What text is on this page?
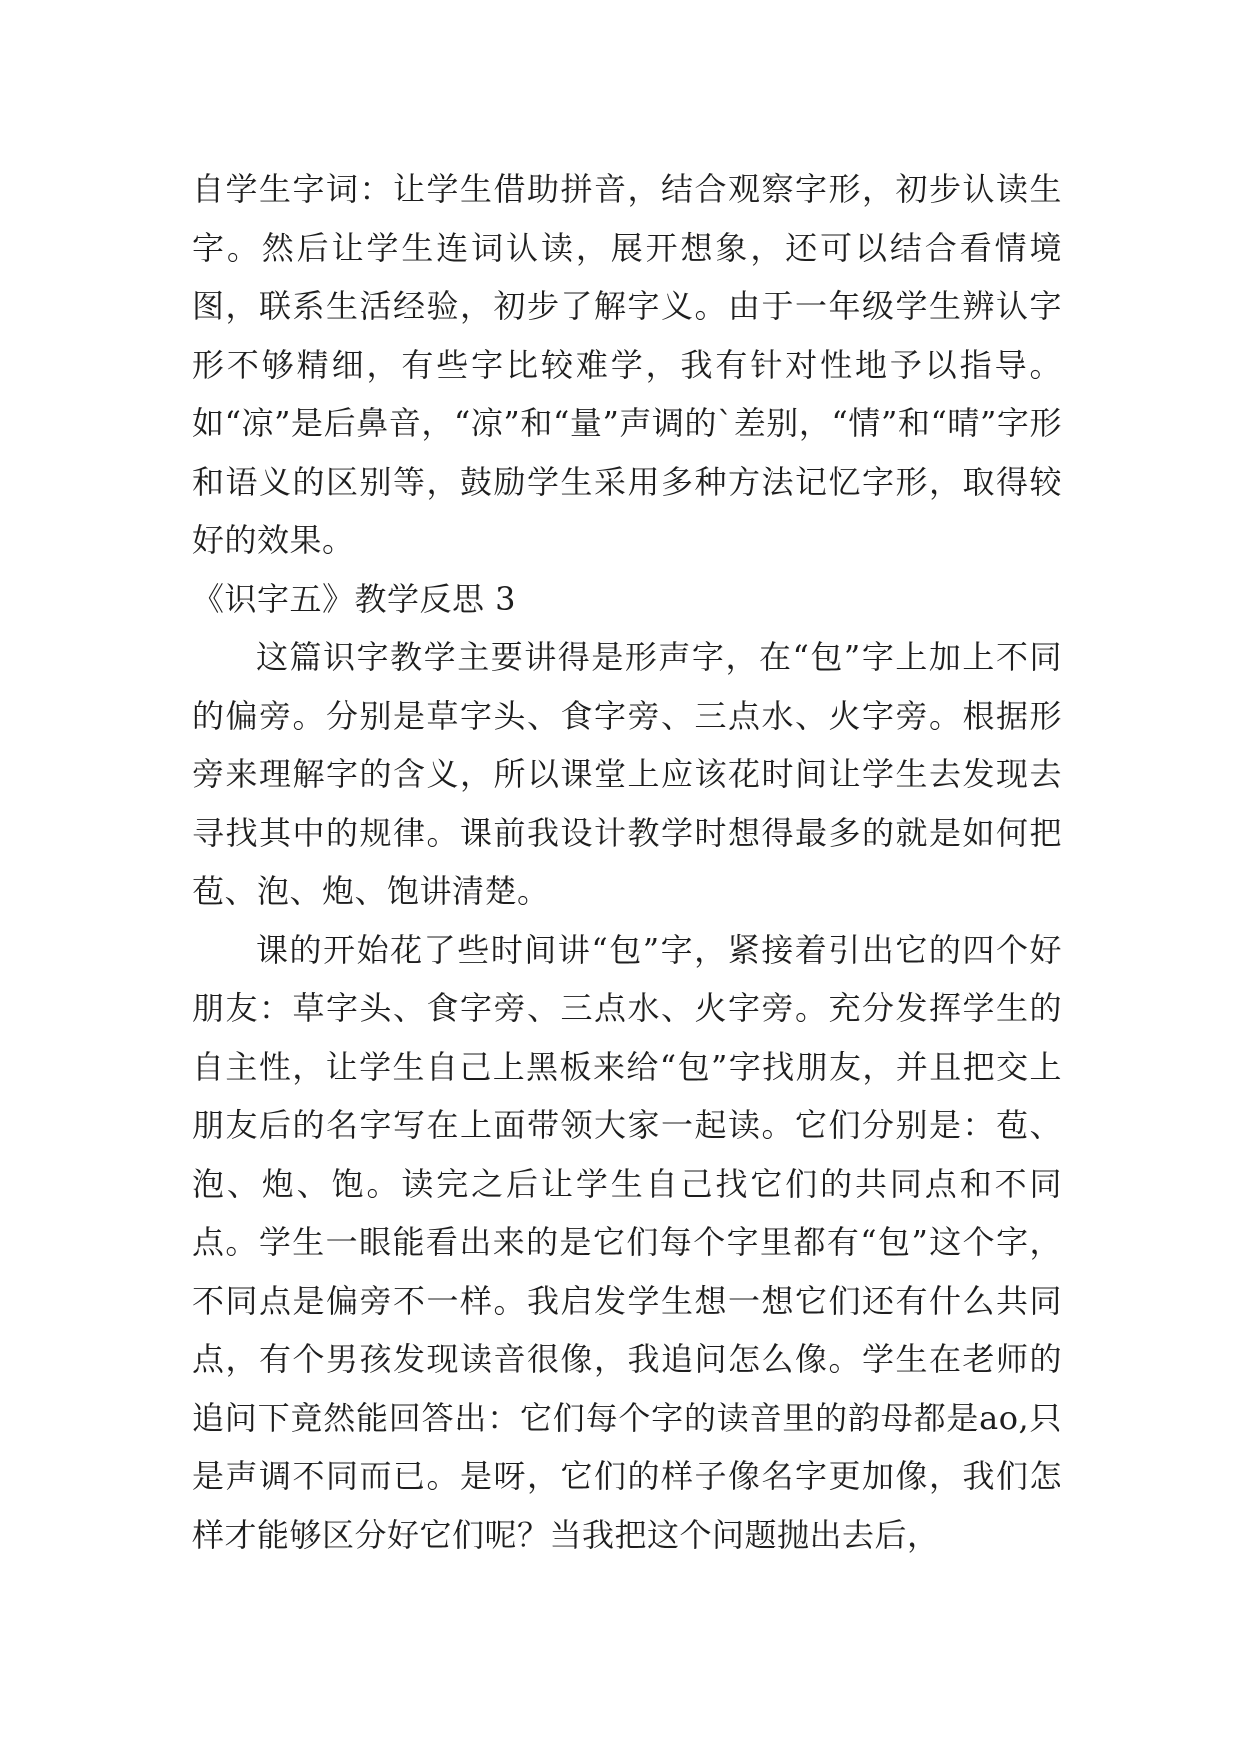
自学生字词：让学生借助拼音，结合观察字形，初步认读生字。然后让学生连词认读，展开想象，还可以结合看情境图，联系生活经验，初步了解字义。由于一年级学生辨认字形不够精细，有些字比较难学，我有针对性地予以指导。如“凉”是后鼻音，“凉”和“量”声调的`差别，“情”和“晴”字形和语义的区别等，鼓励学生采用多种方法记忆字形，取得较好的效果。

《识字五》教学反思 3

这篇识字教学主要讲得是形声字，在“包”字上加上不同的偏旁。分别是草字头、食字旁、三点水、火字旁。根据形旁来理解字的含义，所以课堂上应该花时间让学生去发现去寻找其中的规律。课前我设计教学时想得最多的就是如何把苞、泡、炮、饱讲清楚。

课的开始花了些时间讲“包”字，紧接着引出它的四个好朋友：草字头、食字旁、三点水、火字旁。充分发挥学生的自主性，让学生自己上黑板来给“包”字找朋友，并且把交上朋友后的名字写在上面带领大家一起读。它们分别是：苞、泡、炮、饱。读完之后让学生自己找它们的共同点和不同点。学生一眼能看出来的是它们每个字里都有“包”这个字，不同点是偏旁不一样。我启发学生想一想它们还有什么共同点，有个男孩发现读音很像，我追问怎么像。学生在老师的追问下竟然能回答出：它们每个字的读音里的韵母都是ao,只是声调不同而已。是呀，它们的样子像名字更加像，我们怎样才能够区分好它们呢？当我把这个问题抛出去后，
